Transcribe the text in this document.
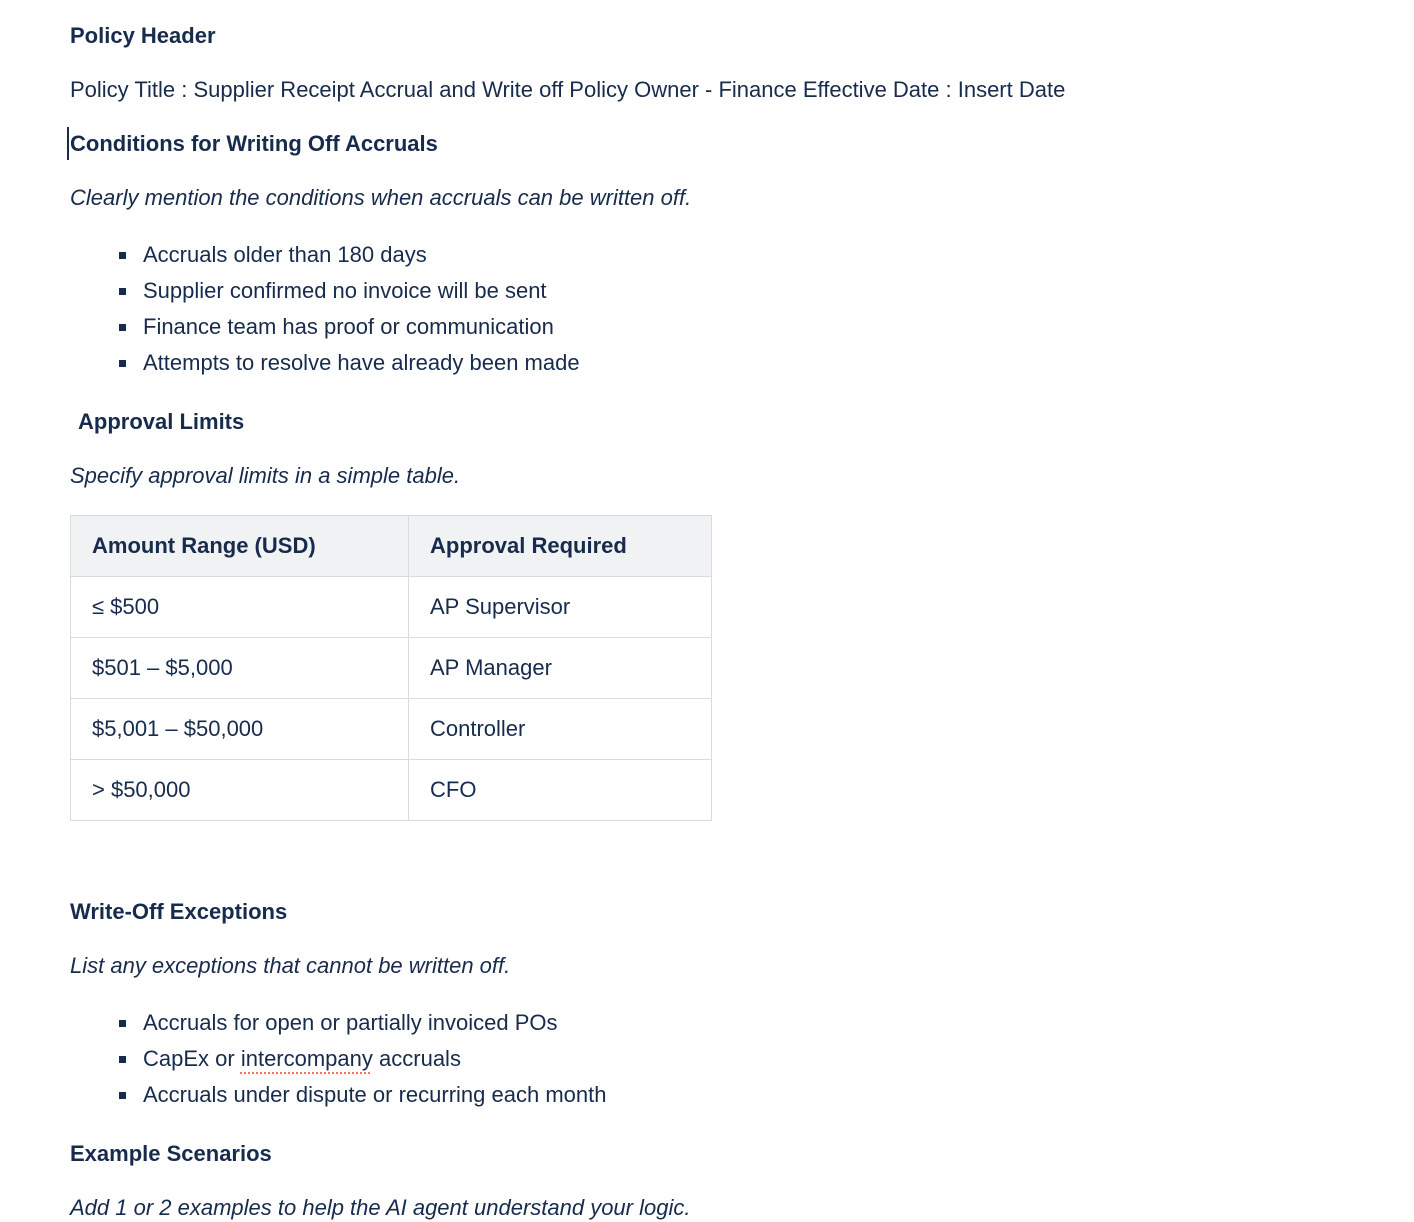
Policy Header

Policy Title : Supplier Receipt Accrual and Write off Policy Owner - Finance Effective Date : Insert Date

Conditions for Writing Off Accruals

Clearly mention the conditions when accruals can be written off.

Accruals older than 180 days
Supplier confirmed no invoice will be sent
Finance team has proof or communication
Attempts to resolve have already been made

Approval Limits

Specify approval limits in a simple table.

Amount Range (USD)	Approval Required
≤ $500	AP Supervisor
$501 – $5,000	AP Manager
$5,001 – $50,000	Controller
> $50,000	CFO

Write-Off Exceptions

List any exceptions that cannot be written off.

Accruals for open or partially invoiced POs
CapEx or intercompany accruals
Accruals under dispute or recurring each month

Example Scenarios

Add 1 or 2 examples to help the AI agent understand your logic.
